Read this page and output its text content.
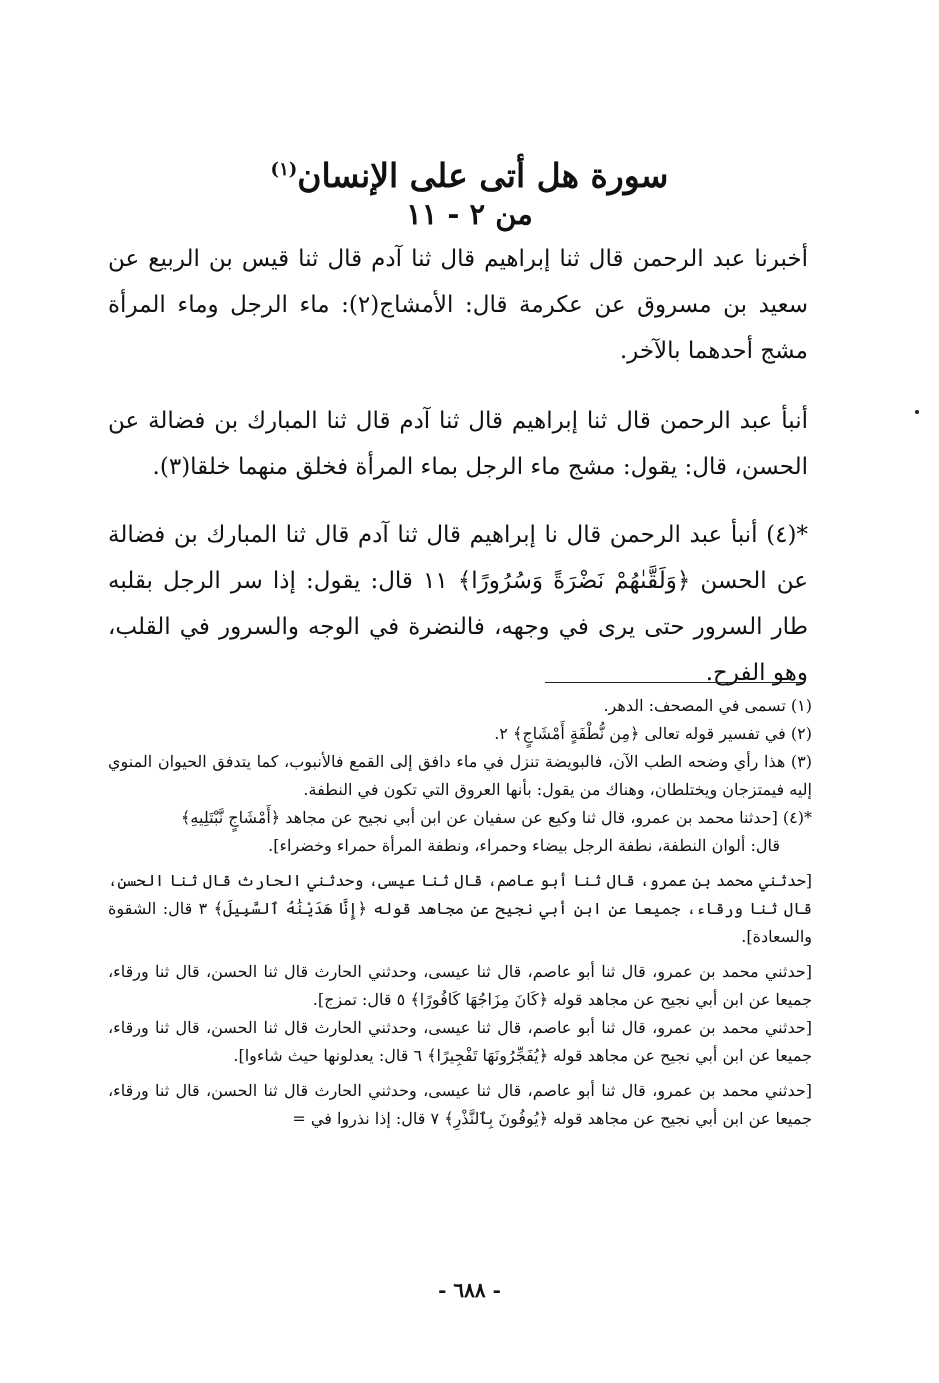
سورة هل أتى على الإنسان$^{(١)}$
من ٢ - ١١

أخبرنا عبد الرحمن قال ثنا إبراهيم قال ثنا آدم قال ثنا قيس بن الربيع عن سعيد بن مسروق عن عكرمة قال: الأمشاج(٢): ماء الرجل وماء المرأة مشج أحدهما بالآخر.

أنبأ عبد الرحمن قال ثنا إبراهيم قال ثنا آدم قال ثنا المبارك بن فضالة عن الحسن، قال: يقول: مشج ماء الرجل بماء المرأة فخلق منهما خلقا(٣).

*(٤) أنبأ عبد الرحمن قال نا إبراهيم قال ثنا آدم قال ثنا المبارك بن فضالة عن الحسن ﴿وَلَقَّىٰهُمْ نَضْرَةً وَسُرُورًا﴾ ١١ قال: يقول: إذا سر الرجل بقلبه طار السرور حتى يرى في وجهه، فالنضرة في الوجه والسرور في القلب، وهو الفرح.

(١) تسمى في المصحف: الدهر.

(٢) في تفسير قوله تعالى ﴿مِن نُّطْفَةٍ أَمْشَاجٍ﴾ ٢.

(٣) هذا رأي وضحه الطب الآن، فالبويضة تنزل في ماء دافق إلى القمع فالأنبوب، كما يتدفق الحيوان المنوي إليه فيمتزجان ويختلطان، وهناك من يقول: بأنها العروق التي تكون في النطفة.

*(٤) [حدثنا محمد بن عمرو، قال ثنا وكيع عن سفيان عن ابن أبي نجيح عن مجاهد ﴿أَمْشَاجٍ نَّبْتَلِيهِ﴾

قال: ألوان النطفة، نطفة الرجل بيضاء وحمراء، ونطفة المرأة حمراء وخضراء].

[حدثني محمد بن عمرو، قال ثنا أبو عاصم، قال ثنا عيسى، وحدثني الحارث قال ثنا الحسن، قال ثنا ورقاء، جميعا عن ابن أبي نجيح عن مجاهد قوله ﴿إِنَّا هَدَيْنَٰهُ ٱلسَّبِيلَ﴾ ٣ قال: الشقوة والسعادة].

[حدثني محمد بن عمرو، قال ثنا أبو عاصم، قال ثنا عيسى، وحدثني الحارث قال ثنا الحسن، قال ثنا ورقاء، جميعا عن ابن أبي نجيح عن مجاهد قوله ﴿كَانَ مِزَاجُهَا كَافُورًا﴾ ٥ قال: تمزج].

[حدثني محمد بن عمرو، قال ثنا أبو عاصم، قال ثنا عيسى، وحدثني الحارث قال ثنا الحسن، قال ثنا ورقاء، جميعا عن ابن أبي نجيح عن مجاهد قوله ﴿يُفَجِّرُونَهَا تَفْجِيرًا﴾ ٦ قال: يعدلونها حيث شاءوا].

[حدثني محمد بن عمرو، قال ثنا أبو عاصم، قال ثنا عيسى، وحدثني الحارث قال ثنا الحسن، قال ثنا ورقاء، جميعا عن ابن أبي نجيح عن مجاهد قوله ﴿يُوفُونَ بِٱلنَّذْرِ﴾ ٧ قال: إذا نذروا في =

- ٦٨٨ -
